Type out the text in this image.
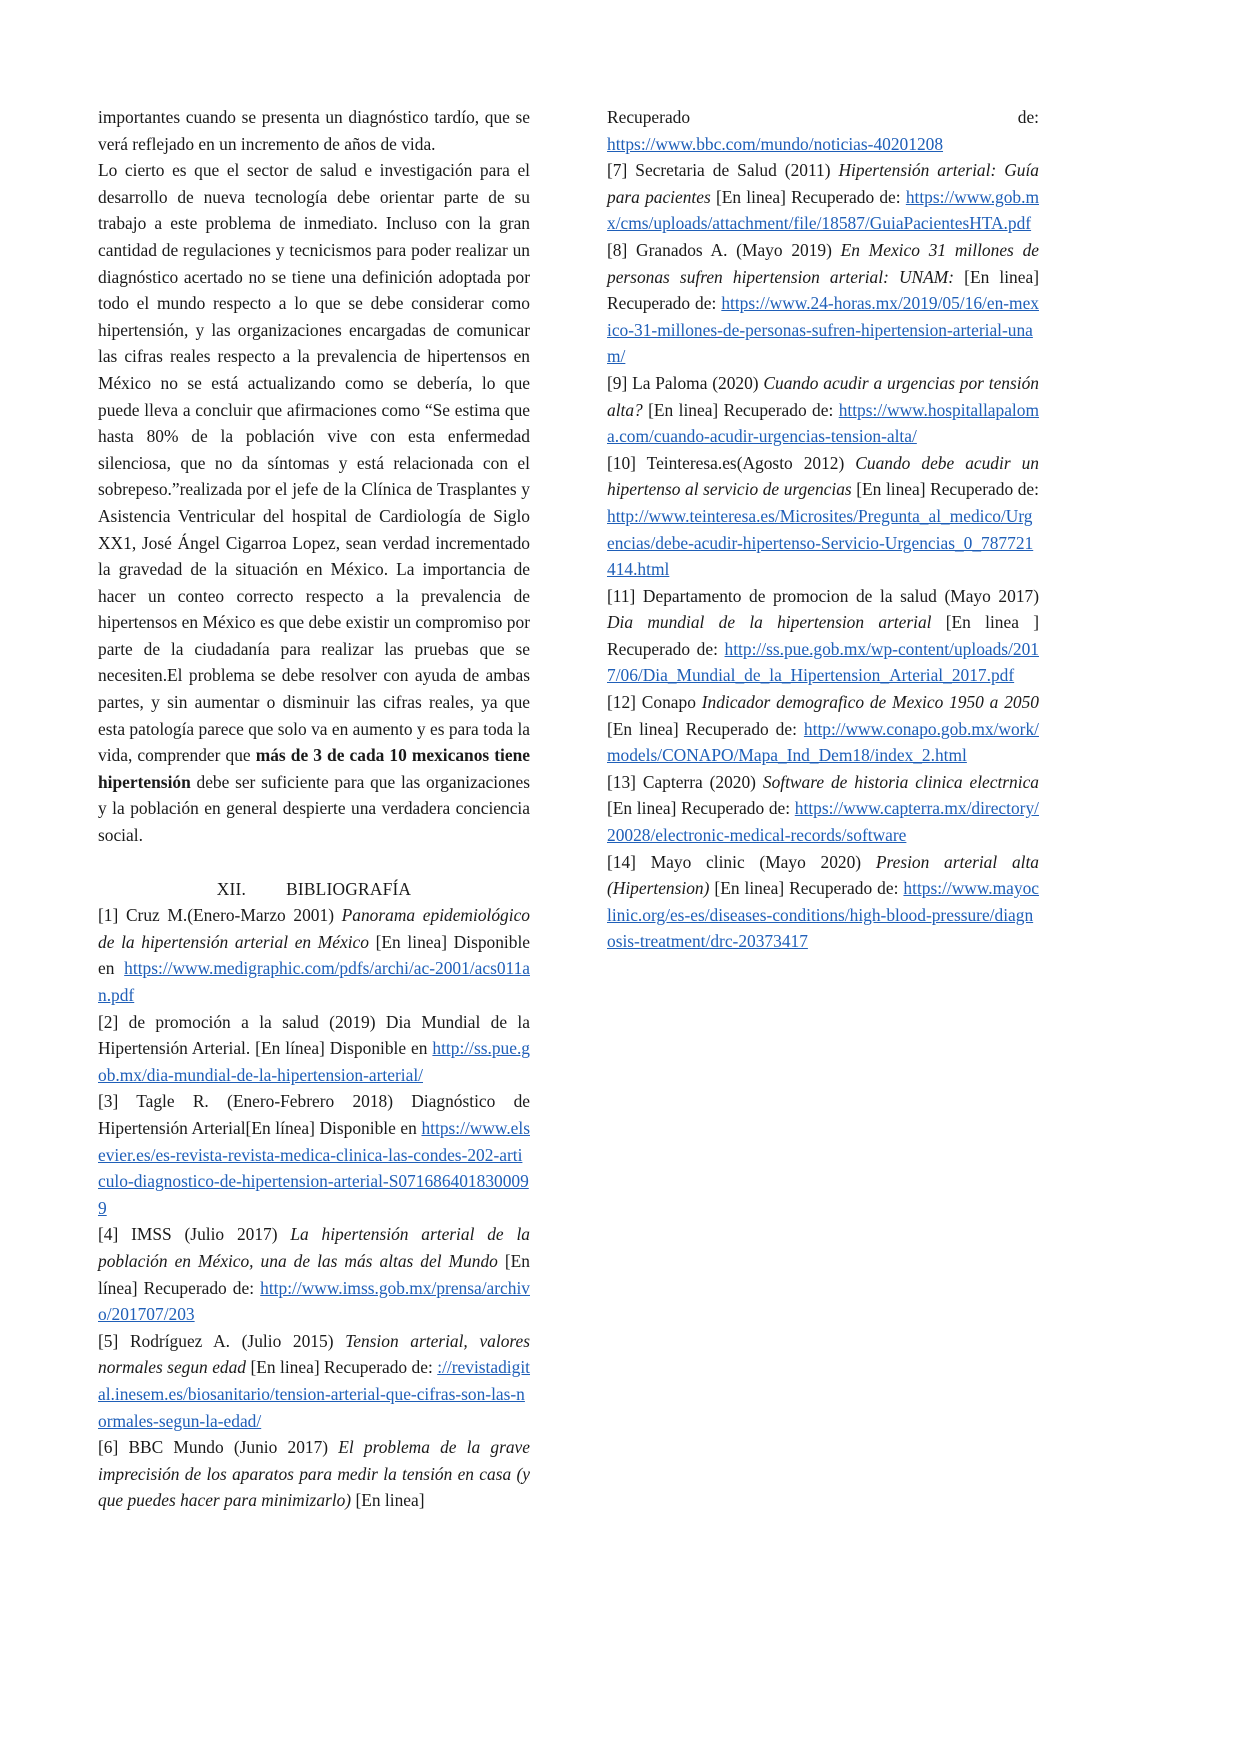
importantes cuando se presenta un diagnóstico tardío, que se verá reflejado en un incremento de años de vida.

Lo cierto es que el sector de salud e investigación para el desarrollo de nueva tecnología debe orientar parte de su trabajo a este problema de inmediato. Incluso con la gran cantidad de regulaciones y tecnicismos para poder realizar un diagnóstico acertado no se tiene una definición adoptada por todo el mundo respecto a lo que se debe considerar como hipertensión, y las organizaciones encargadas de comunicar las cifras reales respecto a la prevalencia de hipertensos en México no se está actualizando como se debería, lo que puede lleva a concluir que afirmaciones como “Se estima que hasta 80% de la población vive con esta enfermedad silenciosa, que no da síntomas y está relacionada con el sobrepeso.”realizada por el jefe de la Clínica de Trasplantes y Asistencia Ventricular del hospital de Cardiología de Siglo XX1, José Ángel Cigarroa Lopez, sean verdad incrementado la gravedad de la situación en México. La importancia de hacer un conteo correcto respecto a la prevalencia de hipertensos en México es que debe existir un compromiso por parte de la ciudadanía para realizar las pruebas que se necesiten.El problema se debe resolver con ayuda de ambas partes, y sin aumentar o disminuir las cifras reales, ya que esta patología parece que solo va en aumento y es para toda la vida, comprender que más de 3 de cada 10 mexicanos tiene hipertensión debe ser suficiente para que las organizaciones y la población en general despierte una verdadera conciencia social.

XII. BIBLIOGRAFÍA

[1] Cruz M.(Enero-Marzo 2001) Panorama epidemiológico de la hipertensión arterial en México [En linea] Disponible en https://www.medigraphic.com/pdfs/archi/ac-2001/acs011an.pdf

[2] de promoción a la salud (2019) Dia Mundial de la Hipertensión Arterial. [En línea] Disponible en http://ss.pue.gob.mx/dia-mundial-de-la-hipertension-arterial/

[3] Tagle R. (Enero-Febrero 2018) Diagnóstico de Hipertensión Arterial[En línea] Disponible en https://www.elsevier.es/es-revista-revista-medica-clinica-las-condes-202-articulo-diagnostico-de-hipertension-arterial-S0716864018300099

[4] IMSS (Julio 2017) La hipertensión arterial de la población en México, una de las más altas del Mundo [En línea] Recuperado de: http://www.imss.gob.mx/prensa/archivo/201707/203

[5] Rodríguez A. (Julio 2015) Tension arterial, valores normales segun edad [En linea] Recuperado de: ://revistadigital.inesem.es/biosanitario/tension-arterial-que-cifras-son-las-normales-segun-la-edad/

[6] BBC Mundo (Junio 2017) El problema de la grave imprecisión de los aparatos para medir la tensión en casa (y que puedes hacer para minimizarlo) [En linea]

Recuperado	de:

https://www.bbc.com/mundo/noticias-40201208

[7] Secretaria de Salud (2011) Hipertensión arterial: Guía para pacientes [En linea] Recuperado de: https://www.gob.mx/cms/uploads/attachment/file/18587/GuiaPacientesHTA.pdf

[8] Granados A. (Mayo 2019) En Mexico 31 millones de personas sufren hipertension arterial: UNAM: [En linea] Recuperado de: https://www.24-horas.mx/2019/05/16/en-mexico-31-millones-de-personas-sufren-hipertension-arterial-unam/

[9] La Paloma (2020) Cuando acudir a urgencias por tensión alta? [En linea] Recuperado de: https://www.hospitallapaloma.com/cuando-acudir-urgencias-tension-alta/

[10] Teinteresa.es(Agosto 2012) Cuando debe acudir un hipertenso al servicio de urgencias [En linea] Recuperado de: http://www.teinteresa.es/Microsites/Pregunta_al_medico/Urgencias/debe-acudir-hipertenso-Servicio-Urgencias_0_787721414.html

[11] Departamento de promocion de la salud (Mayo 2017) Dia mundial de la hipertension arterial [En linea ] Recuperado de: http://ss.pue.gob.mx/wp-content/uploads/2017/06/Dia_Mundial_de_la_Hipertension_Arterial_2017.pdf

[12] Conapo Indicador demografico de Mexico 1950 a 2050 [En linea] Recuperado de: http://www.conapo.gob.mx/work/models/CONAPO/Mapa_Ind_Dem18/index_2.html

[13] Capterra (2020) Software de historia clinica electrnica [En linea] Recuperado de: https://www.capterra.mx/directory/20028/electronic-medical-records/software

[14] Mayo clinic (Mayo 2020) Presion arterial alta (Hipertension) [En linea] Recuperado de: https://www.mayoclinic.org/es-es/diseases-conditions/high-blood-pressure/diagnosis-treatment/drc-20373417
